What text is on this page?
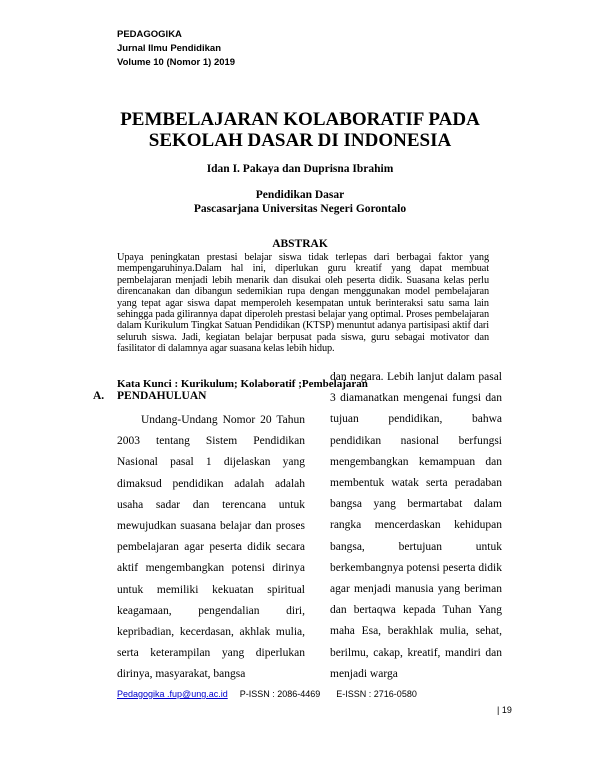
PEDAGOGIKA
Jurnal Ilmu Pendidikan
Volume 10 (Nomor 1) 2019
PEMBELAJARAN KOLABORATIF PADA
SEKOLAH DASAR DI INDONESIA
Idan I. Pakaya dan Duprisna Ibrahim
Pendidikan Dasar
Pascasarjana Universitas Negeri Gorontalo
ABSTRAK
Upaya peningkatan prestasi belajar siswa tidak terlepas dari berbagai faktor yang mempengaruhinya.Dalam hal ini, diperlukan guru kreatif yang dapat membuat pembelajaran menjadi lebih menarik dan disukai oleh peserta didik. Suasana kelas perlu direncanakan dan dibangun sedemikian rupa dengan menggunakan model pembelajaran yang tepat agar siswa dapat memperoleh kesempatan untuk berinteraksi satu sama lain sehingga pada gilirannya dapat diperoleh prestasi belajar yang optimal. Proses pembelajaran dalam Kurikulum Tingkat Satuan Pendidikan (KTSP) menuntut adanya partisipasi aktif dari seluruh siswa. Jadi, kegiatan belajar berpusat pada siswa, guru sebagai motivator dan fasilitator di dalamnya agar suasana kelas lebih hidup.
Kata Kunci : Kurikulum; Kolaboratif ;Pembelajaran
A. PENDAHULUAN

Undang-Undang Nomor 20 Tahun 2003 tentang Sistem Pendidikan Nasional pasal 1 dijelaskan yang dimaksud pendidikan adalah adalah usaha sadar dan terencana untuk mewujudkan suasana belajar dan proses pembelajaran agar peserta didik secara aktif mengembangkan potensi dirinya untuk memiliki kekuatan spiritual keagamaan, pengendalian diri, kepribadian, kecerdasan, akhlak mulia, serta keterampilan yang diperlukan dirinya, masyarakat, bangsa

dan negara. Lebih lanjut dalam pasal 3 diamanatkan mengenai fungsi dan tujuan pendidikan, bahwa pendidikan nasional berfungsi mengembangkan kemampuan dan membentuk watak serta peradaban bangsa yang bermartabat dalam rangka mencerdaskan kehidupan bangsa, bertujuan untuk berkembangnya potensi peserta didik agar menjadi manusia yang beriman dan bertaqwa kepada Tuhan Yang maha Esa, berakhlak mulia, sehat, berilmu, cakap, kreatif, mandiri dan menjadi warga

Pedagogika .fup@ung.ac.id P-ISSN : 2086-4469 E-ISSN : 2716-0580
| 19
